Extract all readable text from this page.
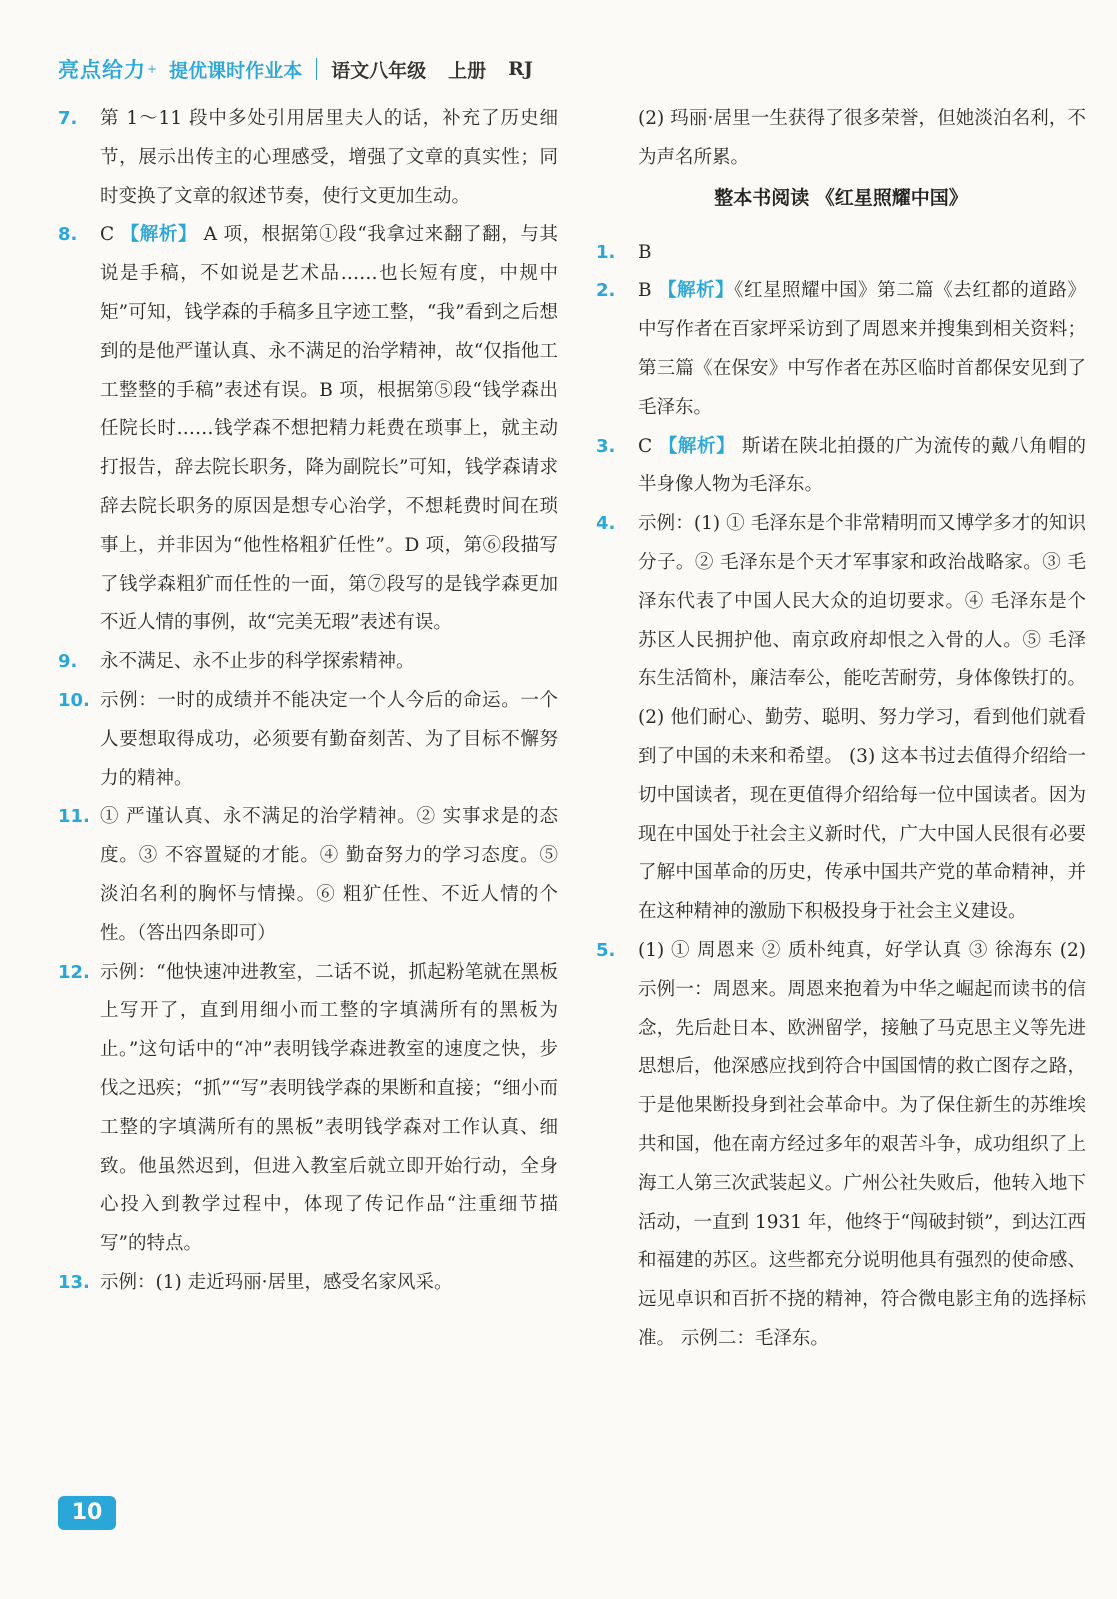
亮点给力 + 提优课时作业本 语文八年级 上册 RJ
7.	第 1～11 段中多处引用居里夫人的话，补充了历史细节，展示出传主的心理感受，增强了文章的真实性；同时变换了文章的叙述节奏，使行文更加生动。
8.	C 【解析】 A 项，根据第①段“我拿过来翻了翻，与其说是手稿，不如说是艺术品……也长短有度，中规中矩”可知，钱学森的手稿多且字迹工整，“我”看到之后想到的是他严谨认真、永不满足的治学精神，故“仅指他工工整整的手稿”表述有误。B 项，根据第⑤段“钱学森出任院长时……钱学森不想把精力耗费在琐事上，就主动打报告，辞去院长职务，降为副院长”可知，钱学森请求辞去院长职务的原因是想专心治学，不想耗费时间在琐事上，并非因为“他性格粗犷任性”。D 项，第⑥段描写了钱学森粗犷而任性的一面，第⑦段写的是钱学森更加不近人情的事例，故“完美无瑕”表述有误。
9.	永不满足、永不止步的科学探索精神。
10. 示例：一时的成绩并不能决定一个人今后的命运。一个人要想取得成功，必须要有勤奋刻苦、为了目标不懈努力的精神。
11. ① 严谨认真、永不满足的治学精神。② 实事求是的态度。③ 不容置疑的才能。④ 勤奋努力的学习态度。⑤ 淡泊名利的胸怀与情操。⑥ 粗犷任性、不近人情的个性。（答出四条即可）
12. 示例：“他快速冲进教室，二话不说，抓起粉笔就在黑板上写开了，直到用细小而工整的字填满所有的黑板为止。”这句话中的“冲”表明钱学森进教室的速度之快，步伐之迅疾；“抓”“写”表明钱学森的果断和直接；“细小而工整的字填满所有的黑板”表明钱学森对工作认真、细致。他虽然迟到，但进入教室后就立即开始行动，全身心投入到教学过程中，体现了传记作品“注重细节描写”的特点。
13. 示例：(1) 走近玛丽·居里，感受名家风采。
(2) 玛丽·居里一生获得了很多荣誉，但她淡泊名利，不为声名所累。
整本书阅读 《红星照耀中国》
1.	B
2.	B 【解析】《红星照耀中国》第二篇《去红都的道路》中写作者在百家坪采访到了周恩来并搜集到相关资料；第三篇《在保安》中写作者在苏区临时首都保安见到了毛泽东。
3.	C 【解析】 斯诺在陕北拍摄的广为流传的戴八角帽的半身像人物为毛泽东。
4.	示例：(1) ① 毛泽东是个非常精明而又博学多才的知识分子。② 毛泽东是个天才军事家和政治战略家。③ 毛泽东代表了中国人民大众的迫切要求。④ 毛泽东是个苏区人民拥护他、南京政府却恨之入骨的人。⑤ 毛泽东生活简朴，廉洁奉公，能吃苦耐劳，身体像铁打的。 (2) 他们耐心、勤劳、聪明、努力学习，看到他们就看到了中国的未来和希望。 (3) 这本书过去值得介绍给一切中国读者，现在更值得介绍给每一位中国读者。因为现在中国处于社会主义新时代，广大中国人民很有必要了解中国革命的历史，传承中国共产党的革命精神，并在这种精神的激励下积极投身于社会主义建设。
5.	(1) ① 周恩来 ② 质朴纯真，好学认真 ③ 徐海东 (2) 示例一：周恩来。周恩来抱着为中华之崛起而读书的信念，先后赴日本、欧洲留学，接触了马克思主义等先进思想后，他深感应找到符合中国国情的救亡图存之路，于是他果断投身到社会革命中。为了保住新生的苏维埃共和国，他在南方经过多年的艰苦斗争，成功组织了上海工人第三次武装起义。广州公社失败后，他转入地下活动，一直到 1931 年，他终于“闯破封锁”，到达江西和福建的苏区。这些都充分说明他具有强烈的使命感、远见卓识和百折不挠的精神，符合微电影主角的选择标准。 示例二：毛泽东。
10
